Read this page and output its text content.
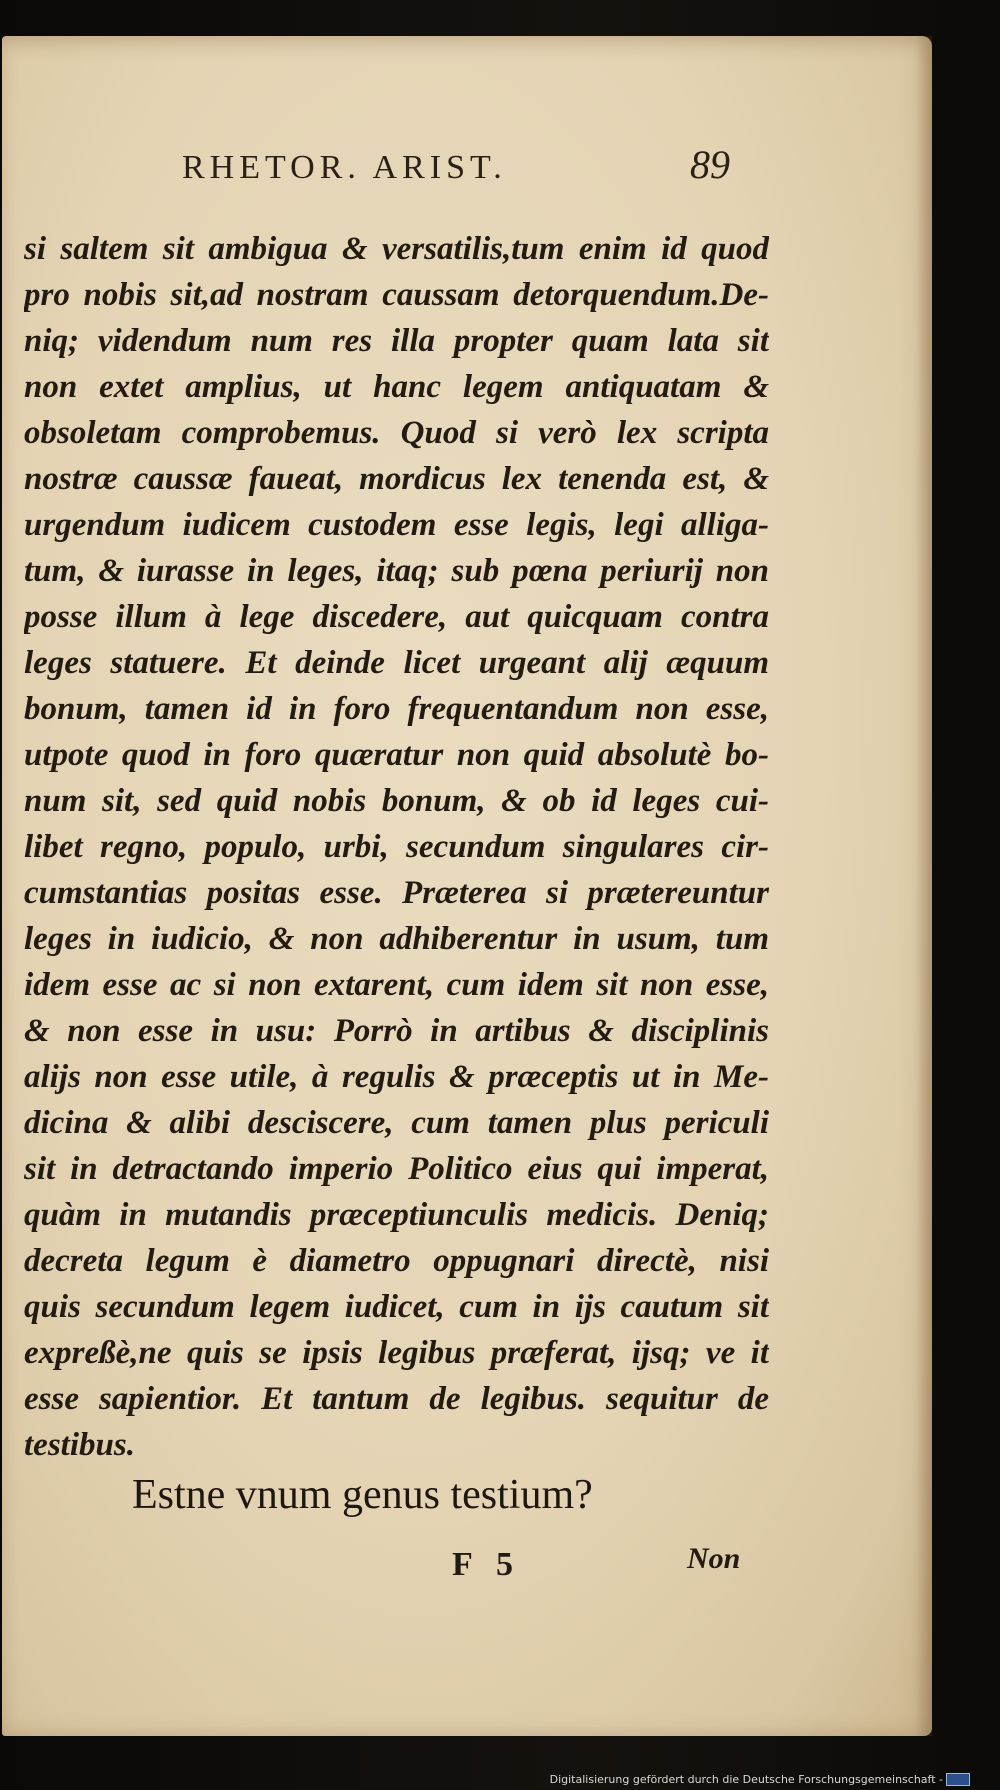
RHETOR. ARIST.	89
si saltem sit ambigua & versatilis,tum enim id quod
pro nobis sit,ad nostram caussam detorquendum.De-
niq; videndum num res illa propter quam lata sit
non extet amplius, ut hanc legem antiquatam &
obsoletam comprobemus. Quod si verò lex scripta
nostræ caussæ faueat, mordicus lex tenenda est, &
urgendum iudicem custodem esse legis, legi alliga-
tum, & iurasse in leges, itaq; sub pœna periurij non
posse illum à lege discedere, aut quicquam contra
leges statuere. Et deinde licet urgeant alij æquum
bonum, tamen id in foro frequentandum non esse,
utpote quod in foro quæratur non quid absolutè bo-
num sit, sed quid nobis bonum, & ob id leges cui-
libet regno, populo, urbi, secundum singulares cir-
cumstantias positas esse. Præterea si prætereuntur
leges in iudicio, & non adhiberentur in usum, tum
idem esse ac si non extarent, cum idem sit non esse,
& non esse in usu: Porrò in artibus & disciplinis
alijs non esse utile, à regulis & præceptis ut in Me-
dicina & alibi desciscere, cum tamen plus periculi
sit in detractando imperio Politico eius qui imperat,
quàm in mutandis præceptiunculis medicis. Deniq;
decreta legum è diametro oppugnari directè, nisi
quis secundum legem iudicet, cum in ijs cautum sit
expreßè,ne quis se ipsis legibus præferat, ijsq; ve it
esse sapientior. Et tantum de legibus. sequitur de
testibus.
Estne vnum genus testium?
F 5	Non
Digitalisierung gefördert durch die Deutsche Forschungsgemeinschaft -
